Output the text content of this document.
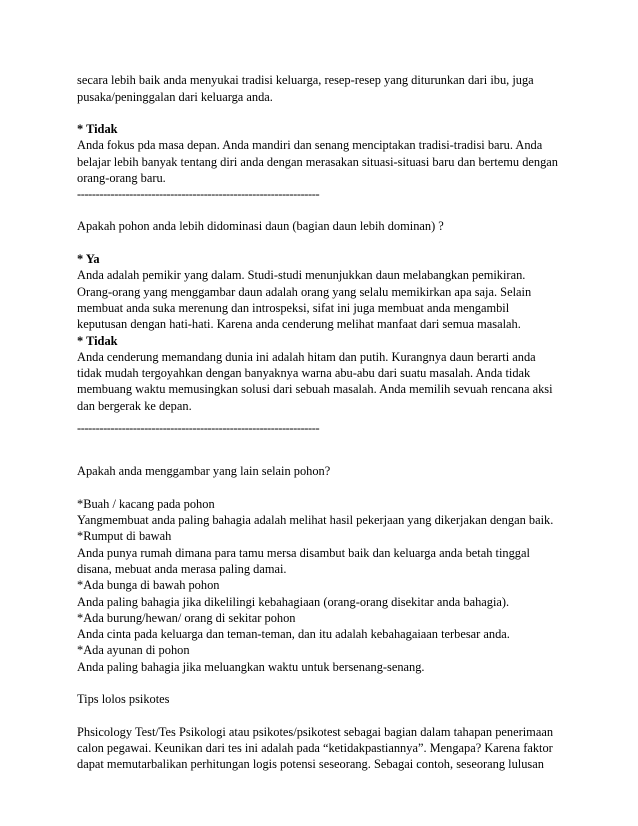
secara lebih baik anda menyukai tradisi keluarga, resep-resep yang diturunkan dari ibu, juga
pusaka/peninggalan dari keluarga anda.
* Tidak
Anda fokus pda masa depan. Anda mandiri dan senang menciptakan tradisi-tradisi baru. Anda
belajar lebih banyak tentang diri anda dengan merasakan situasi-situasi baru dan bertemu dengan
orang-orang baru.
-----------------------------------------------------------------
Apakah pohon anda lebih didominasi daun (bagian daun lebih dominan) ?
* Ya
Anda adalah pemikir yang dalam. Studi-studi menunjukkan daun melabangkan pemikiran.
Orang-orang yang menggambar daun adalah orang yang selalu memikirkan apa saja. Selain
membuat anda suka merenung dan introspeksi, sifat ini juga membuat anda mengambil
keputusan dengan hati-hati. Karena anda cenderung melihat manfaat dari semua masalah.
* Tidak
Anda cenderung memandang dunia ini adalah hitam dan putih. Kurangnya daun berarti anda
tidak mudah tergoyahkan dengan banyaknya warna abu-abu dari suatu masalah. Anda tidak
membuang waktu memusingkan solusi dari sebuah masalah. Anda memilih sevuah rencana aksi
dan bergerak ke depan.
-----------------------------------------------------------------
Apakah anda menggambar yang lain selain pohon?
*Buah / kacang pada pohon
Yangmembuat anda paling bahagia adalah melihat hasil pekerjaan yang dikerjakan dengan baik.
*Rumput di bawah
Anda punya rumah dimana para tamu mersa disambut baik dan keluarga anda betah tinggal
disana, mebuat anda merasa paling damai.
*Ada bunga di bawah pohon
Anda paling bahagia jika dikelilingi kebahagiaan (orang-orang disekitar anda bahagia).
*Ada burung/hewan/ orang di sekitar pohon
Anda cinta pada keluarga dan teman-teman, dan itu adalah kebahagaiaan terbesar anda.
*Ada ayunan di pohon
Anda paling bahagia jika meluangkan waktu untuk bersenang-senang.
Tips lolos psikotes
Phsicology Test/Tes Psikologi atau psikotes/psikotest sebagai bagian dalam tahapan penerimaan
calon pegawai. Keunikan dari tes ini adalah pada “ketidakpastiannya”. Mengapa? Karena faktor
dapat memutarbalikan perhitungan logis potensi seseorang. Sebagai contoh, seseorang lulusan
